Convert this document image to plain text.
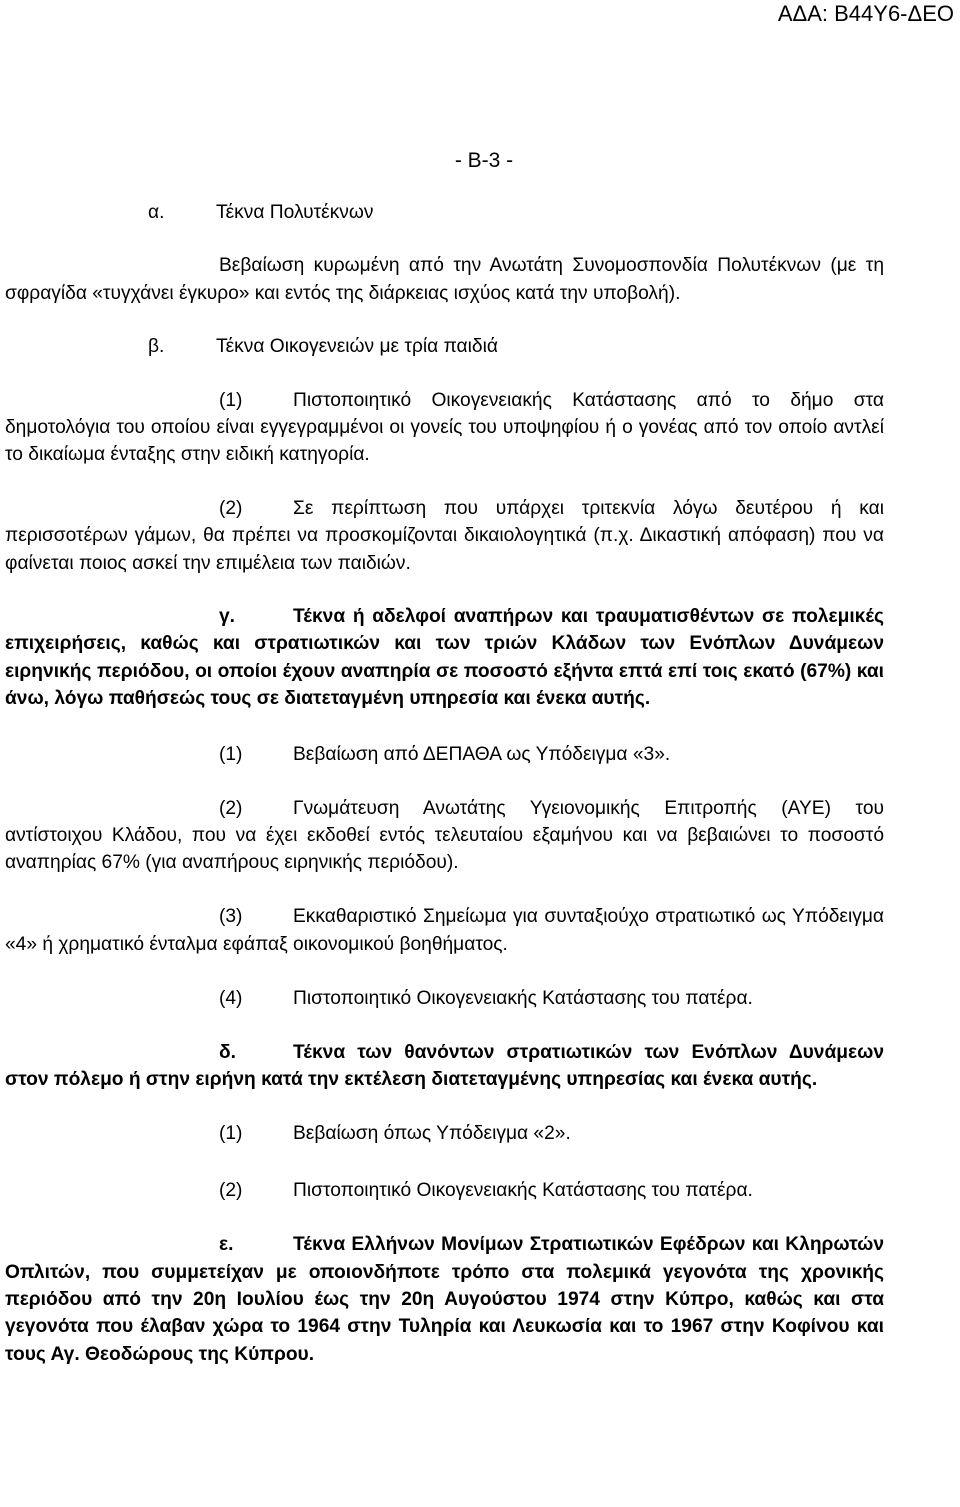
ΑΔΑ: Β44Υ6-ΔΕΟ
- Β-3 -

α.	Τέκνα Πολυτέκνων

Βεβαίωση κυρωμένη από την Ανωτάτη Συνομοσπονδία Πολυτέκνων (με τη σφραγίδα «τυγχάνει έγκυρο» και εντός της διάρκειας ισχύος κατά την υποβολή).

β.	Τέκνα Οικογενειών με τρία παιδιά

(1)	Πιστοποιητικό Οικογενειακής Κατάστασης από το δήμο στα δημοτολόγια του οποίου είναι εγγεγραμμένοι οι γονείς του υποψηφίου ή ο γονέας από τον οποίο αντλεί το δικαίωμα ένταξης στην ειδική κατηγορία.

(2)	Σε περίπτωση που υπάρχει τριτεκνία λόγω δευτέρου ή και περισσοτέρων γάμων, θα πρέπει να προσκομίζονται δικαιολογητικά (π.χ. Δικαστική απόφαση) που να φαίνεται ποιος ασκεί την επιμέλεια των παιδιών.

γ.	Τέκνα ή αδελφοί αναπήρων και τραυματισθέντων σε πολεμικές επιχειρήσεις, καθώς και στρατιωτικών και των τριών Κλάδων των Ενόπλων Δυνάμεων ειρηνικής περιόδου, οι οποίοι έχουν αναπηρία σε ποσοστό εξήντα επτά επί τοις εκατό (67%) και άνω, λόγω παθήσεώς τους σε διατεταγμένη υπηρεσία και ένεκα αυτής.

(1)	Βεβαίωση από ΔΕΠΑΘΑ ως Υπόδειγμα «3».

(2)	Γνωμάτευση Ανωτάτης Υγειονομικής Επιτροπής (ΑΥΕ) του αντίστοιχου Κλάδου, που να έχει εκδοθεί εντός τελευταίου εξαμήνου και να βεβαιώνει το ποσοστό αναπηρίας 67% (για αναπήρους ειρηνικής περιόδου).

(3)	Εκκαθαριστικό Σημείωμα για συνταξιούχο στρατιωτικό ως Υπόδειγμα «4» ή χρηματικό ένταλμα εφάπαξ οικονομικού βοηθήματος.

(4)	Πιστοποιητικό Οικογενειακής Κατάστασης του πατέρα.

δ.	Τέκνα των θανόντων στρατιωτικών των Ενόπλων Δυνάμεων στον πόλεμο ή στην ειρήνη κατά την εκτέλεση διατεταγμένης υπηρεσίας και ένεκα αυτής.

(1)	Βεβαίωση όπως Υπόδειγμα «2».

(2)	Πιστοποιητικό Οικογενειακής Κατάστασης του πατέρα.

ε.	Τέκνα Ελλήνων Μονίμων Στρατιωτικών Εφέδρων και Κληρωτών Οπλιτών, που συμμετείχαν με οποιονδήποτε τρόπο στα πολεμικά γεγονότα της χρονικής περιόδου από την 20η Ιουλίου έως την 20η Αυγούστου 1974 στην Κύπρο, καθώς και στα γεγονότα που έλαβαν χώρα το 1964 στην Τυληρία και Λευκωσία και το 1967 στην Κοφίνου και τους Αγ. Θεοδώρους της Κύπρου.
